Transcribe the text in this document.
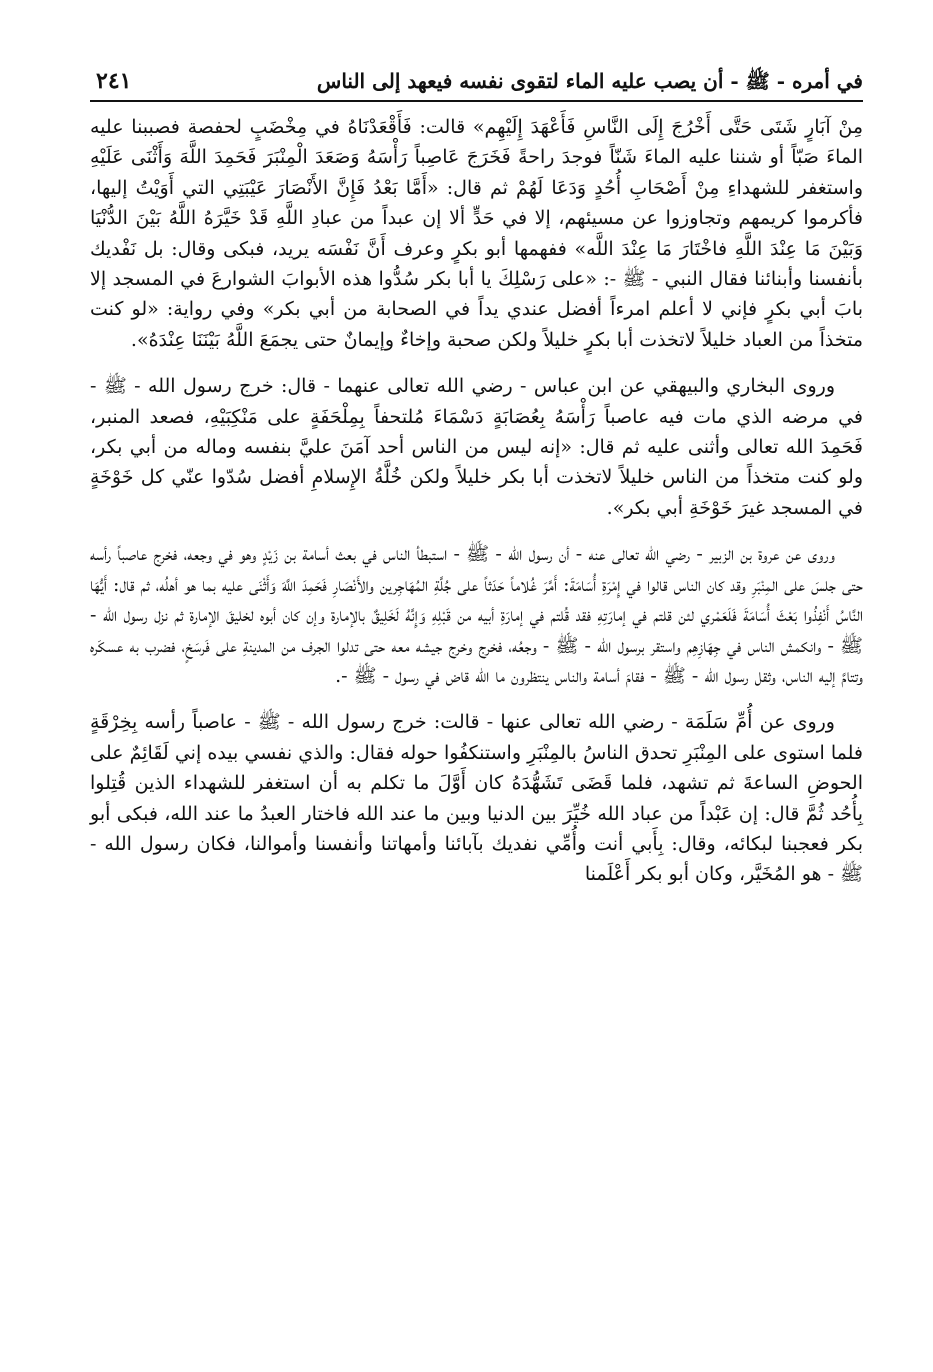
في أمره - ﷺ - أن يصب عليه الماء لتقوى نفسه فيعهد إلى الناس
٢٤١

مِنْ آبَارٍ شَتَى حَتَّى أَخْرُجَ إِلَى النَّاسِ فَأَعْهَدَ إِلَيْهِم» قالت: فَأَقْعَدْنَاهُ في مِخْضَبٍ لحفصة فصببنا عليه الماءَ صَبّاً أو شننا عليه الماءَ شَنّاً فوجدَ راحةً فَخَرَجَ عَاصِباً رَأْسَهُ وَصَعَدَ الْمِنْبَرَ فَحَمِدَ اللَّهَ وَأَثْنَى عَلَيْهِ واستغفر للشهداءِ مِنْ أَصْحَابِ أُحُدٍ وَدَعَا لَهُمْ ثم قال: «أَمَّا بَعْدُ فَإِنَّ الأَنْصَارَ عَيْبَتِي التي أَوَيْتُ إليها، فأكرموا كريمهم وتجاوزوا عن مسيئهم، إلا في حَدٍّ ألا إن عبداً من عبادِ اللَّهِ قَدْ خَيَّرَهُ اللَّهُ بَيْنَ الدُّنْيَا وَبَيْنَ مَا عِنْدَ اللَّهِ فاخْتَارَ مَا عِنْدَ اللَّه» ففهمها أبو بكرٍ وعرف أَنَّ نَفْسَه يريد، فبكى وقال: بل نَفْديك بأنفسنا وأبنائنا فقال النبي - ﷺ -: «على رَسْلِكَ يا أبا بكر سُدُّوا هذه الأبوابَ الشوارعَ في المسجد إلا بابَ أبي بكرٍ فإني لا أعلم امرءاً أفضل عندي يداً في الصحابة من أبي بكر» وفي رواية: «لو كنت متخذاً من العباد خليلاً لاتخذت أبا بكرٍ خليلاً ولكن صحبة وإخاءٌ وإيمانٌ حتى يجمَعَ اللَّهُ بَيْنَنَا عِنْدَهُ».

وروى البخاري والبيهقي عن ابن عباس - رضي الله تعالى عنهما - قال: خرج رسول الله - ﷺ - في مرضه الذي مات فيه عاصباً رَأْسَهُ بِعُصَابَةٍ دَسْمَاءَ مُلتحفاً بِمِلْحَفَةٍ على مَنْكِبَيْهِ، فصعد المنبر، فَحَمِدَ الله تعالى وأثنى عليه ثم قال: «إنه ليس من الناس أحد آمَنَ عليَّ بنفسه وماله من أبي بكر، ولو كنت متخذاً من الناس خليلاً لاتخذت أبا بكر خليلاً ولكن خُلَّةُ الإِسلامِ أفضل سُدّوا عنّي كل خَوْخَةٍ في المسجد غيرَ خَوْخَةِ أبي بكر».

وروى عن عروة بن الزبير - رضي الله تعالى عنه - أن رسول الله - ﷺ - استبطأ الناس في بعث أسامة بن زَيْدٍ وهو في وجعه، فخرج عاصباً رأسه حتى جلسَ على المِنْبَرِ وقد كان الناس قالوا في إِمْرَةِ أُسَامَةَ: أَمَّرَ غُلاماً حَدَثاً على جُلَّةِ المُهَاجِرين والأَنْصَارِ فَحَمِدَ اللَّهَ وَأَثْنَى عليه بما هو أهلُه، ثم قال: أَيُّهَا النَّاسُ أَنْفِذُوا بَعْثَ أُسَامَةَ فَلَعَمْري لئن قلتم في إمارَتِهِ فقد قُلتم في إمارَةِ أبيه من قَبْلِهِ وَإِنَّهُ لَخَلِيقٌ بالإمارة وإن كان أبوه لخليقَ الإمارة ثم نزل رسول الله - ﷺ - وانكمش الناس في جِهَازِهِم واستقر برسول الله - ﷺ - وجعُه، فخرج وخرج جيشه معه حتى تدلوا الجرف من المدينةِ على فَرسَخٍ، فضرب به عسكَره وتتامَّ إليه الناس، وثقل رسول الله - ﷺ - فقامَ أسامة والناس ينتظرون ما الله قاض في رسول - ﷺ -.

وروى عن أُمِّ سَلَمَة - رضي الله تعالى عنها - قالت: خرج رسول الله - ﷺ - عاصباً رأسه بِخِرْقَةٍ فلما استوى على المِنْبَرِ تحدق الناسُ بالمِنْبَرِ واستنكفُوا حوله فقال: والذي نفسي بيده إني لَقَائِمٌ على الحوضِ الساعةَ ثم تشهد، فلما قَضَى تَشَهُّدَهُ كان أَوَّلَ ما تكلم به أن استغفر للشهداء الذين قُتِلوا بِأُحُد ثُمَّ قال: إن عَبْداً من عباد الله خُيِّرَ بين الدنيا وبين ما عند الله فاختار العبدُ ما عند الله، فبكى أبو بكر فعجبنا لبكائه، وقال: بِأَبي أنت وأُمِّي نفديك بآبائنا وأمهاتنا وأنفسنا وأموالنا، فكان رسول الله - ﷺ - هو المُخَيَّر، وكان أبو بكر أَعْلَمنا
